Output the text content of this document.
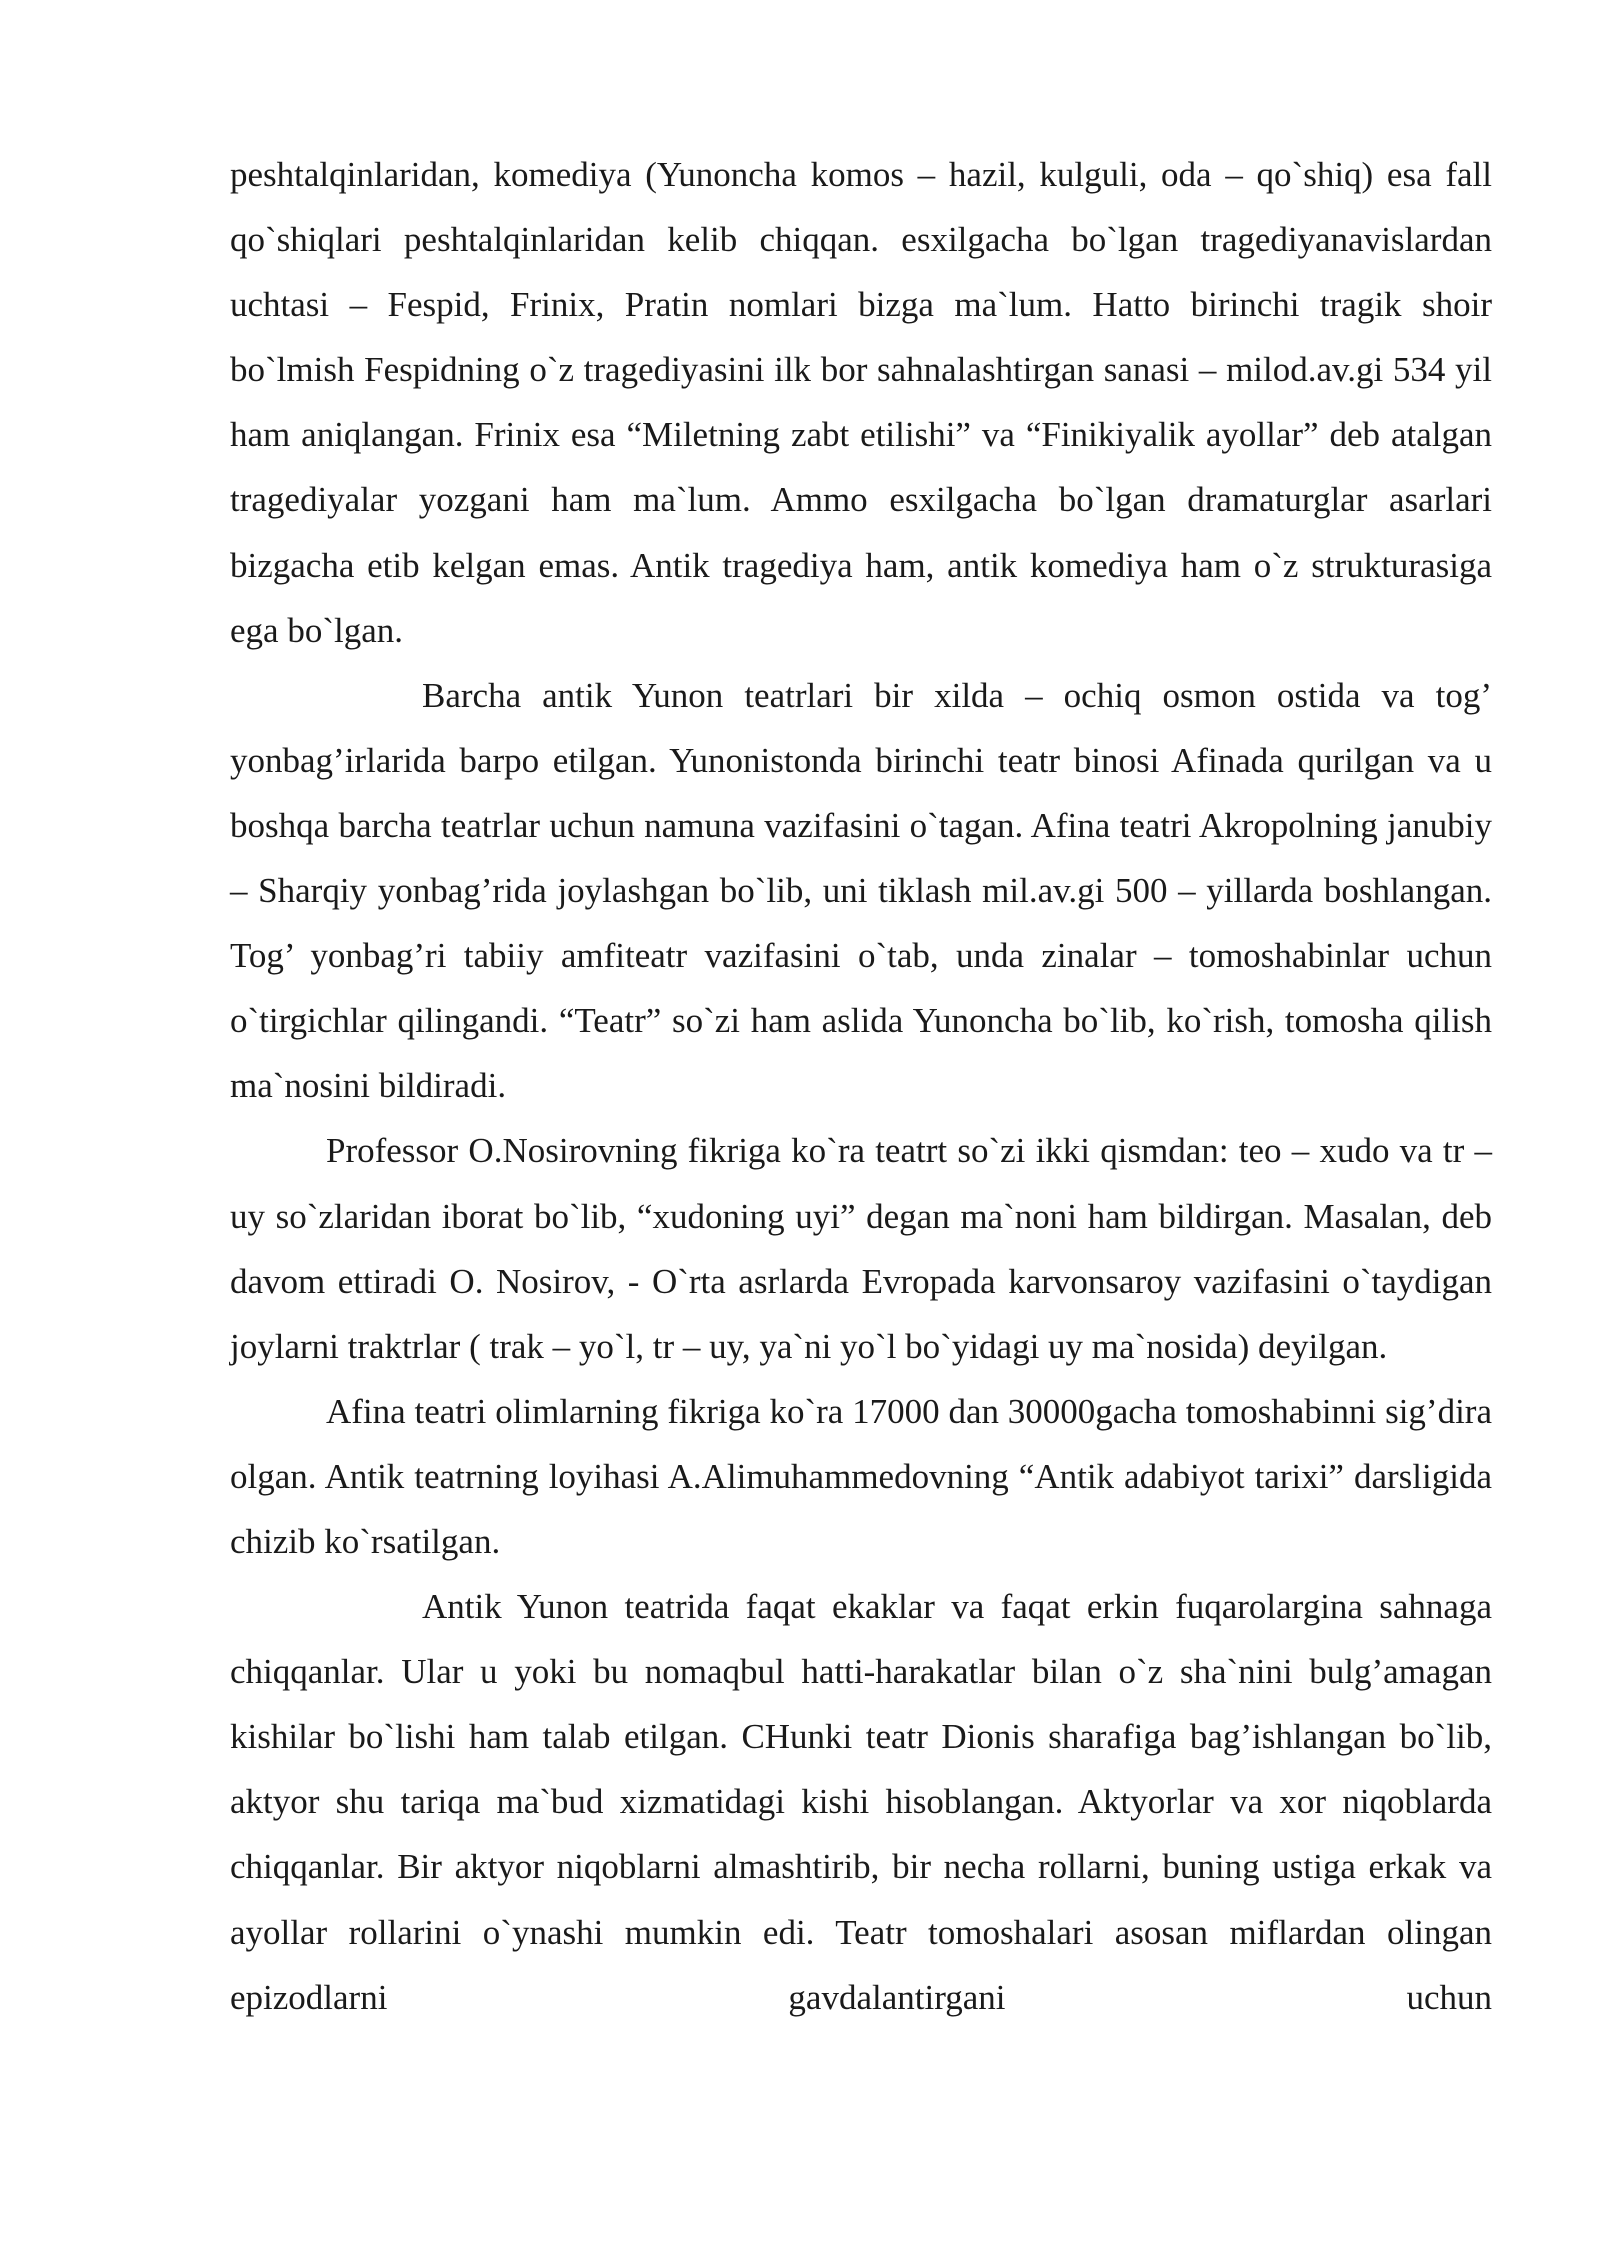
peshtalqinlaridan, komediya (Yunoncha komos – hazil, kulguli, oda – qo`shiq) esa fall qo`shiqlari peshtalqinlaridan kelib chiqqan. esxilgacha bo`lgan tragediyanavislardan uchtasi – Fespid, Frinix, Pratin nomlari bizga ma`lum. Hatto birinchi tragik shoir bo`lmish Fespidning o`z tragediyasini ilk bor sahnalashtirgan sanasi – milod.av.gi 534 yil ham aniqlangan. Frinix esa “Miletning zabt etilishi” va “Finikiyalik ayollar” deb atalgan tragediyalar yozgani ham ma`lum. Ammo esxilgacha bo`lgan dramaturglar asarlari bizgacha etib kelgan emas. Antik tragediya ham, antik komediya ham o`z strukturasiga ega bo`lgan.

Barcha antik Yunon teatrlari bir xilda – ochiq osmon ostida va tog’ yonbag’irlarida barpo etilgan. Yunonistonda birinchi teatr binosi Afinada qurilgan va u boshqa barcha teatrlar uchun namuna vazifasini o`tagan. Afina teatri Akropolning janubiy – Sharqiy yonbag’rida joylashgan bo`lib, uni tiklash mil.av.gi 500 – yillarda boshlangan. Tog’ yonbag’ri tabiiy amfiteatr vazifasini o`tab, unda zinalar – tomoshabinlar uchun o`tirgichlar qilingandi. “Teatr” so`zi ham aslida Yunoncha bo`lib, ko`rish, tomosha qilish ma`nosini bildiradi.

Professor O.Nosirovning fikriga ko`ra teatrt so`zi ikki qismdan: teo – xudo va tr – uy so`zlaridan iborat bo`lib, “xudoning uyi” degan ma`noni ham bildirgan. Masalan, deb davom ettiradi O. Nosirov, - O`rta asrlarda Evropada karvonsaroy vazifasini o`taydigan joylarni traktrlar ( trak – yo`l, tr – uy, ya`ni yo`l bo`yidagi uy ma`nosida) deyilgan.

Afina teatri olimlarning fikriga ko`ra 17000 dan 30000gacha tomoshabinni sig’dira olgan. Antik teatrning loyihasi A.Alimuhammedovning “Antik adabiyot tarixi” darsligida chizib ko`rsatilgan.

Antik Yunon teatrida faqat ekaklar va faqat erkin fuqarolargina sahnaga chiqqanlar. Ular u yoki bu nomaqbul hatti-harakatlar bilan o`z sha`nini bulg’amagan kishilar bo`lishi ham talab etilgan. CHunki teatr Dionis sharafiga bag’ishlangan bo`lib, aktyor shu tariqa ma`bud xizmatidagi kishi hisoblangan. Aktyorlar va xor niqoblarda chiqqanlar. Bir aktyor niqoblarni almashtirib, bir necha rollarni, buning ustiga erkak va ayollar rollarini o`ynashi mumkin edi. Teatr tomoshalari asosan miflardan olingan epizodlarni gavdalantirgani uchun
